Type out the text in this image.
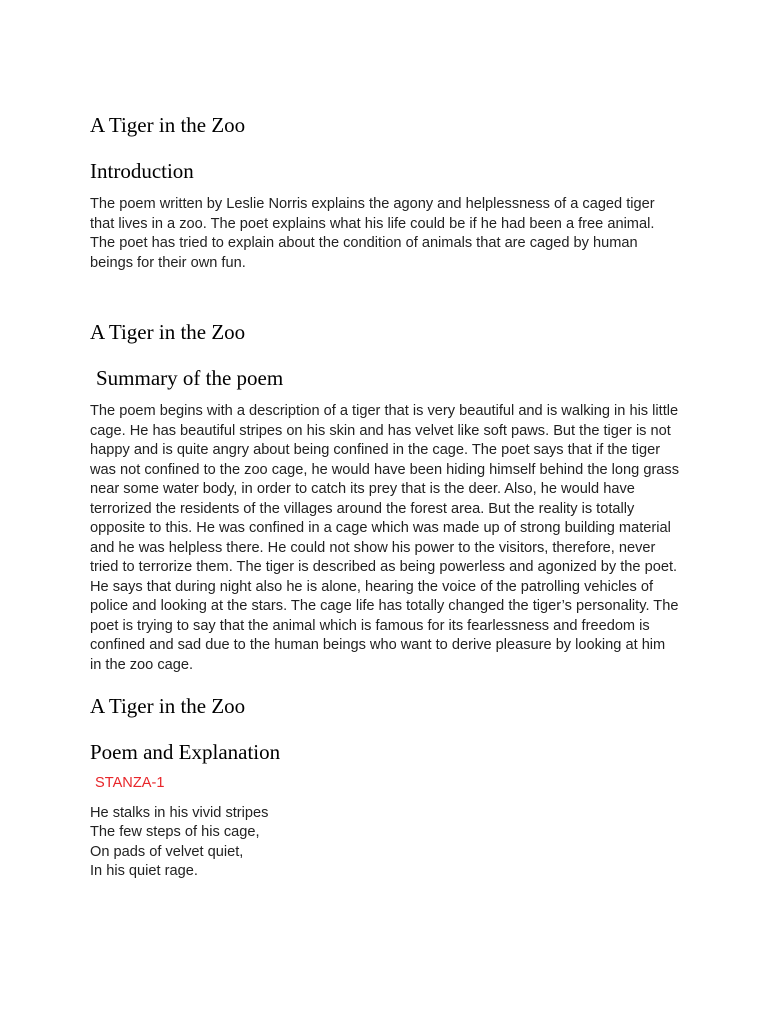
A Tiger in the Zoo
Introduction

The poem written by Leslie Norris explains the agony and helplessness of a caged tiger that lives in a zoo. The poet explains what his life could be if he had been a free animal. The poet has tried to explain about the condition of animals that are caged by human beings for their own fun.

A Tiger in the Zoo
Summary of the poem

The poem begins with a description of a tiger that is very beautiful and is walking in his little cage. He has beautiful stripes on his skin and has velvet like soft paws. But the tiger is not happy and is quite angry about being confined in the cage. The poet says that if the tiger was not confined to the zoo cage, he would have been hiding himself behind the long grass near some water body, in order to catch its prey that is the deer. Also, he would have terrorized the residents of the villages around the forest area. But the reality is totally opposite to this. He was confined in a cage which was made up of strong building material and he was helpless there. He could not show his power to the visitors, therefore, never tried to terrorize them. The tiger is described as being powerless and agonized by the poet. He says that during night also he is alone, hearing the voice of the patrolling vehicles of police and looking at the stars. The cage life has totally changed the tiger’s personality. The poet is trying to say that the animal which is famous for its fearlessness and freedom is confined and sad due to the human beings who want to derive pleasure by looking at him in the zoo cage.

A Tiger in the Zoo
Poem and Explanation

STANZA-1

He stalks in his vivid stripes
The few steps of his cage,
On pads of velvet quiet,
In his quiet rage.
